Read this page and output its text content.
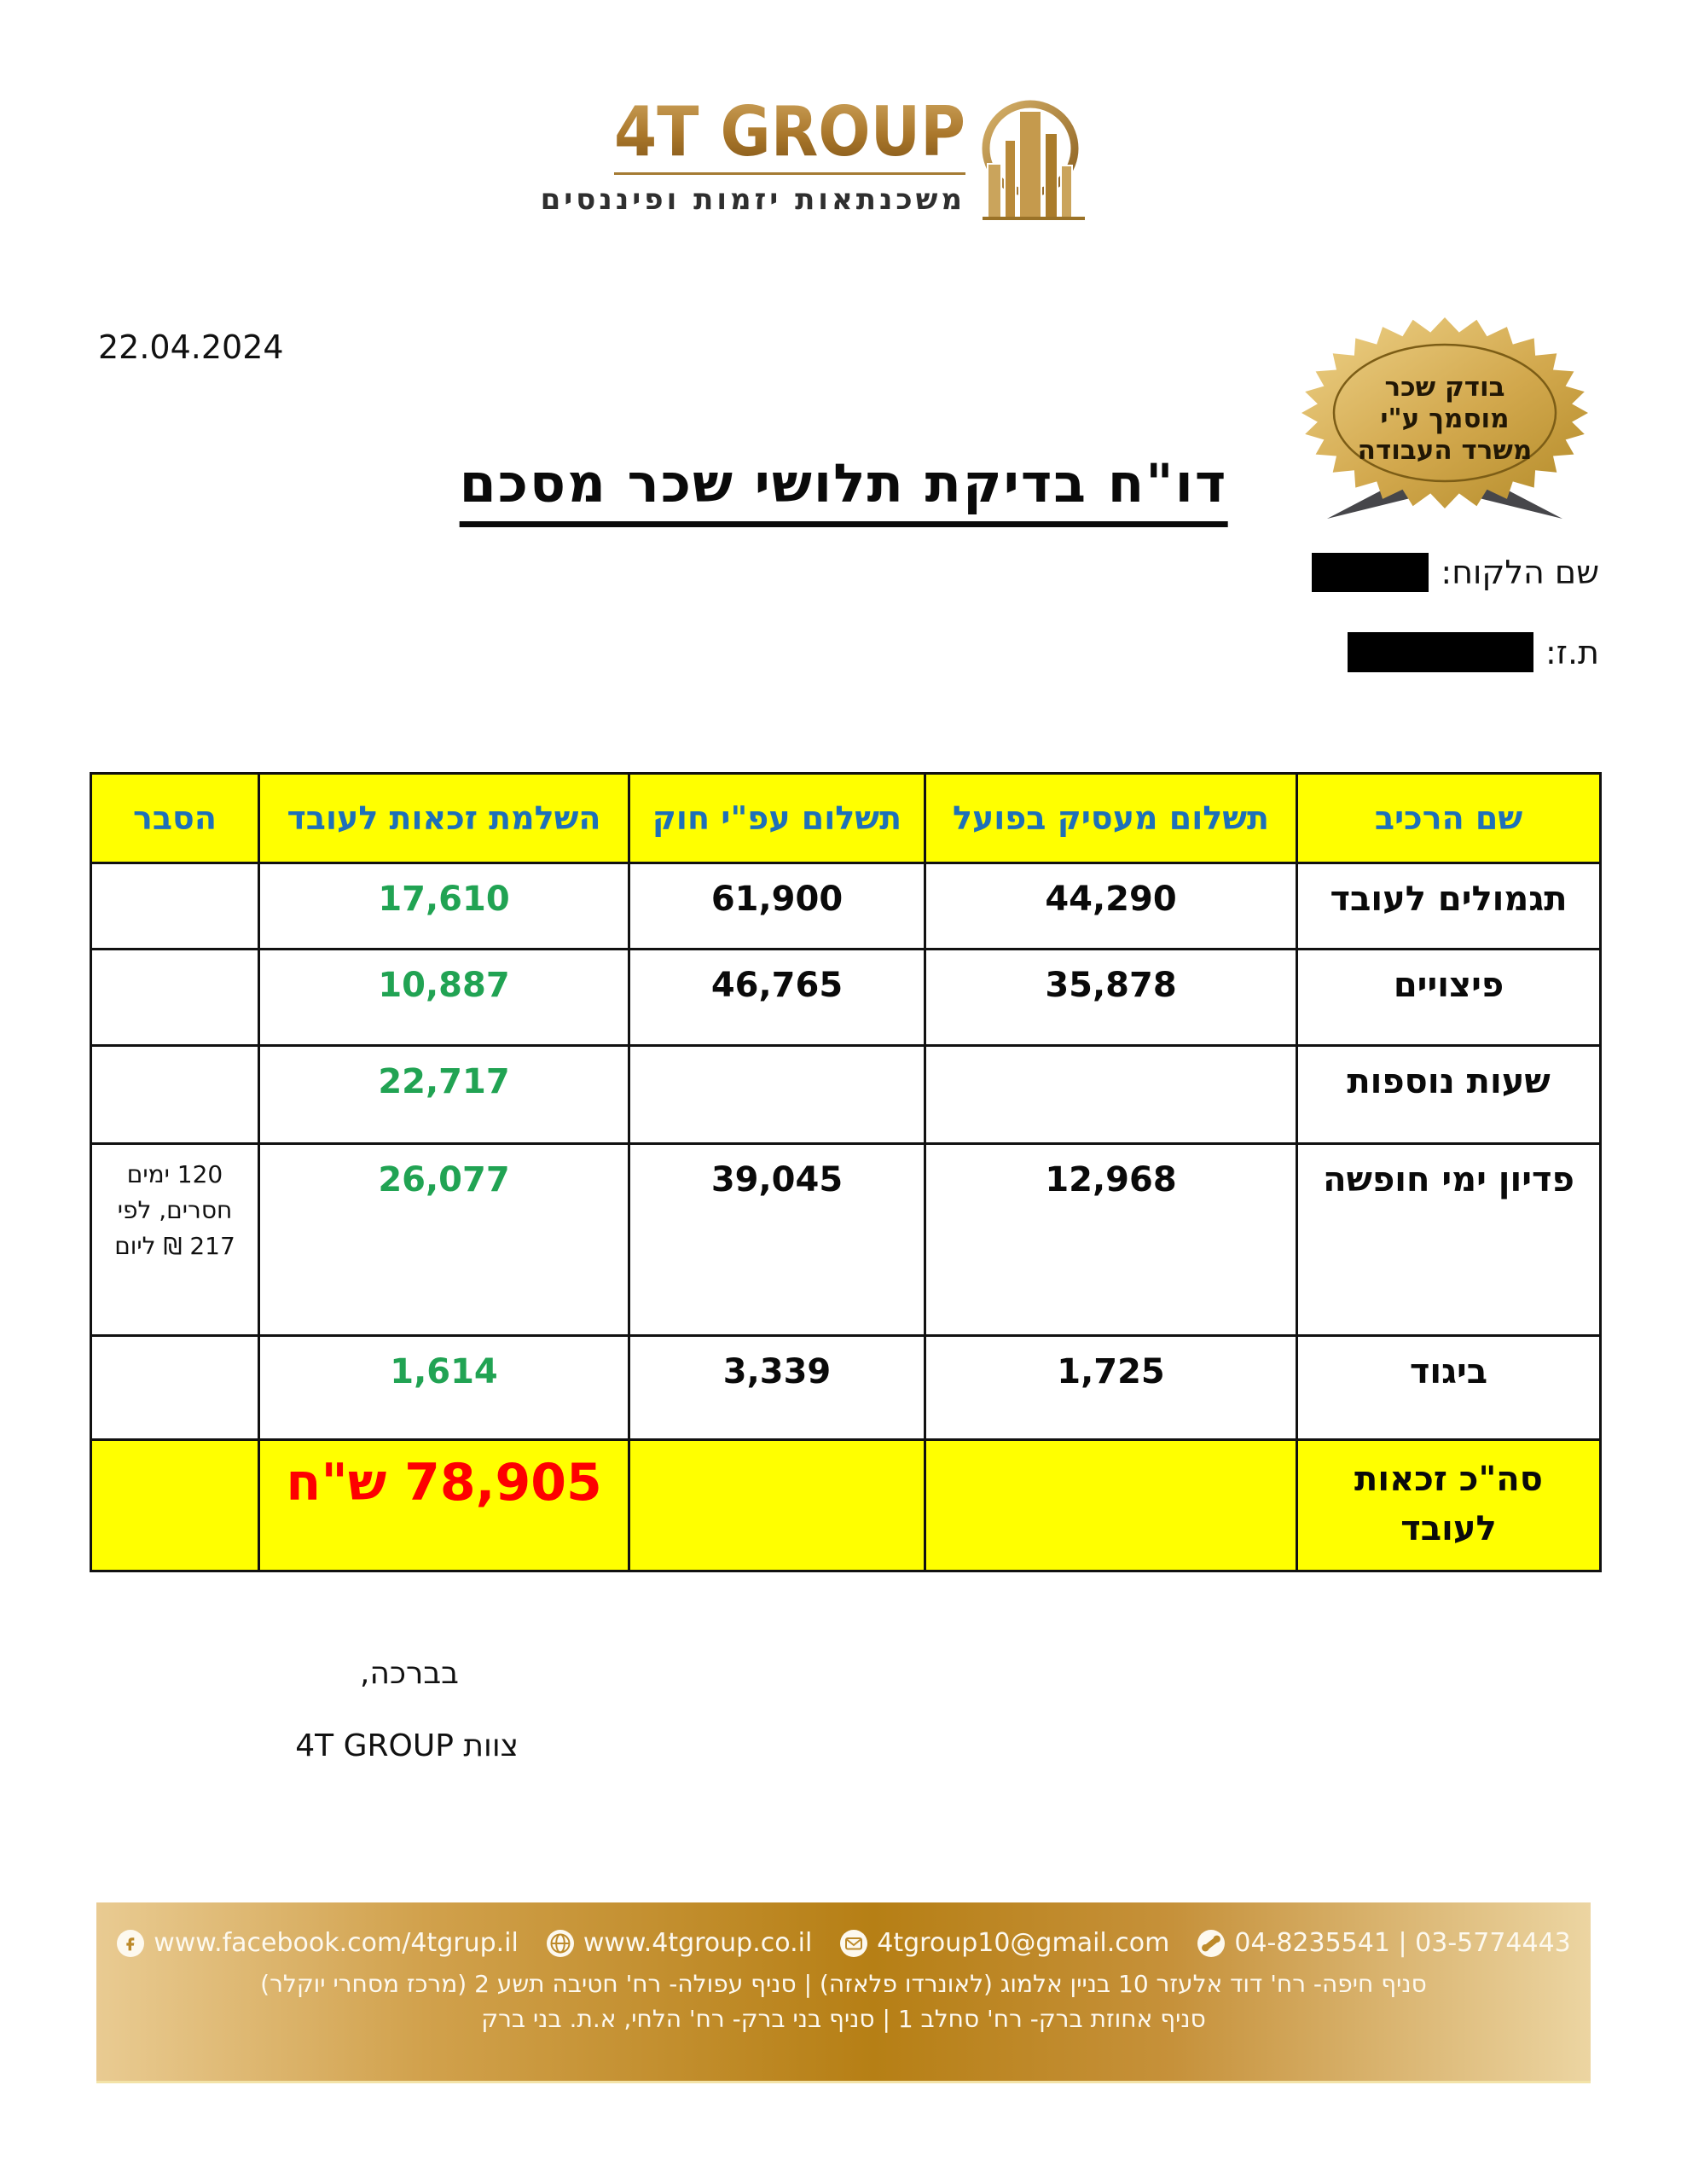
4T GROUP
משכנתאות יזמות ופיננסים
22.04.2024
בודק שכר
מוסמך ע"י
משרד העבודה
דו"ח בדיקת תלושי שכר מסכם
שם הלקוח:
ת.ז:
שם הרכיב	תשלום מעסיק בפועל	תשלום עפ"י חוק	השלמת זכאות לעובד	הסבר
תגמולים לעובד	44,290	61,900	17,610	
פיצויים	35,878	46,765	10,887	
שעות נוספות			22,717	
פדיון ימי חופשה	12,968	39,045	26,077	120 ימים חסרים, לפי 217 ₪ ליום
ביגוד	1,725	3,339	1,614	
סה"כ זכאות לעובד			78,905 ש"ח	
בברכה,
צוות 4T GROUP
www.facebook.com/4tgrup.il	www.4tgroup.co.il	4tgroup10@gmail.com	04-8235541 | 03-5774443
סניף חיפה- רח' דוד אלעזר 10 בניין אלמוג (לאונרדו פלאזה) | סניף עפולה- רח' חטיבה תשע 2 (מרכז מסחרי יוקלר)
סניף אחוזת ברק- רח' סחלב 1 | סניף בני ברק- רח' הלחי, א.ת. בני ברק
